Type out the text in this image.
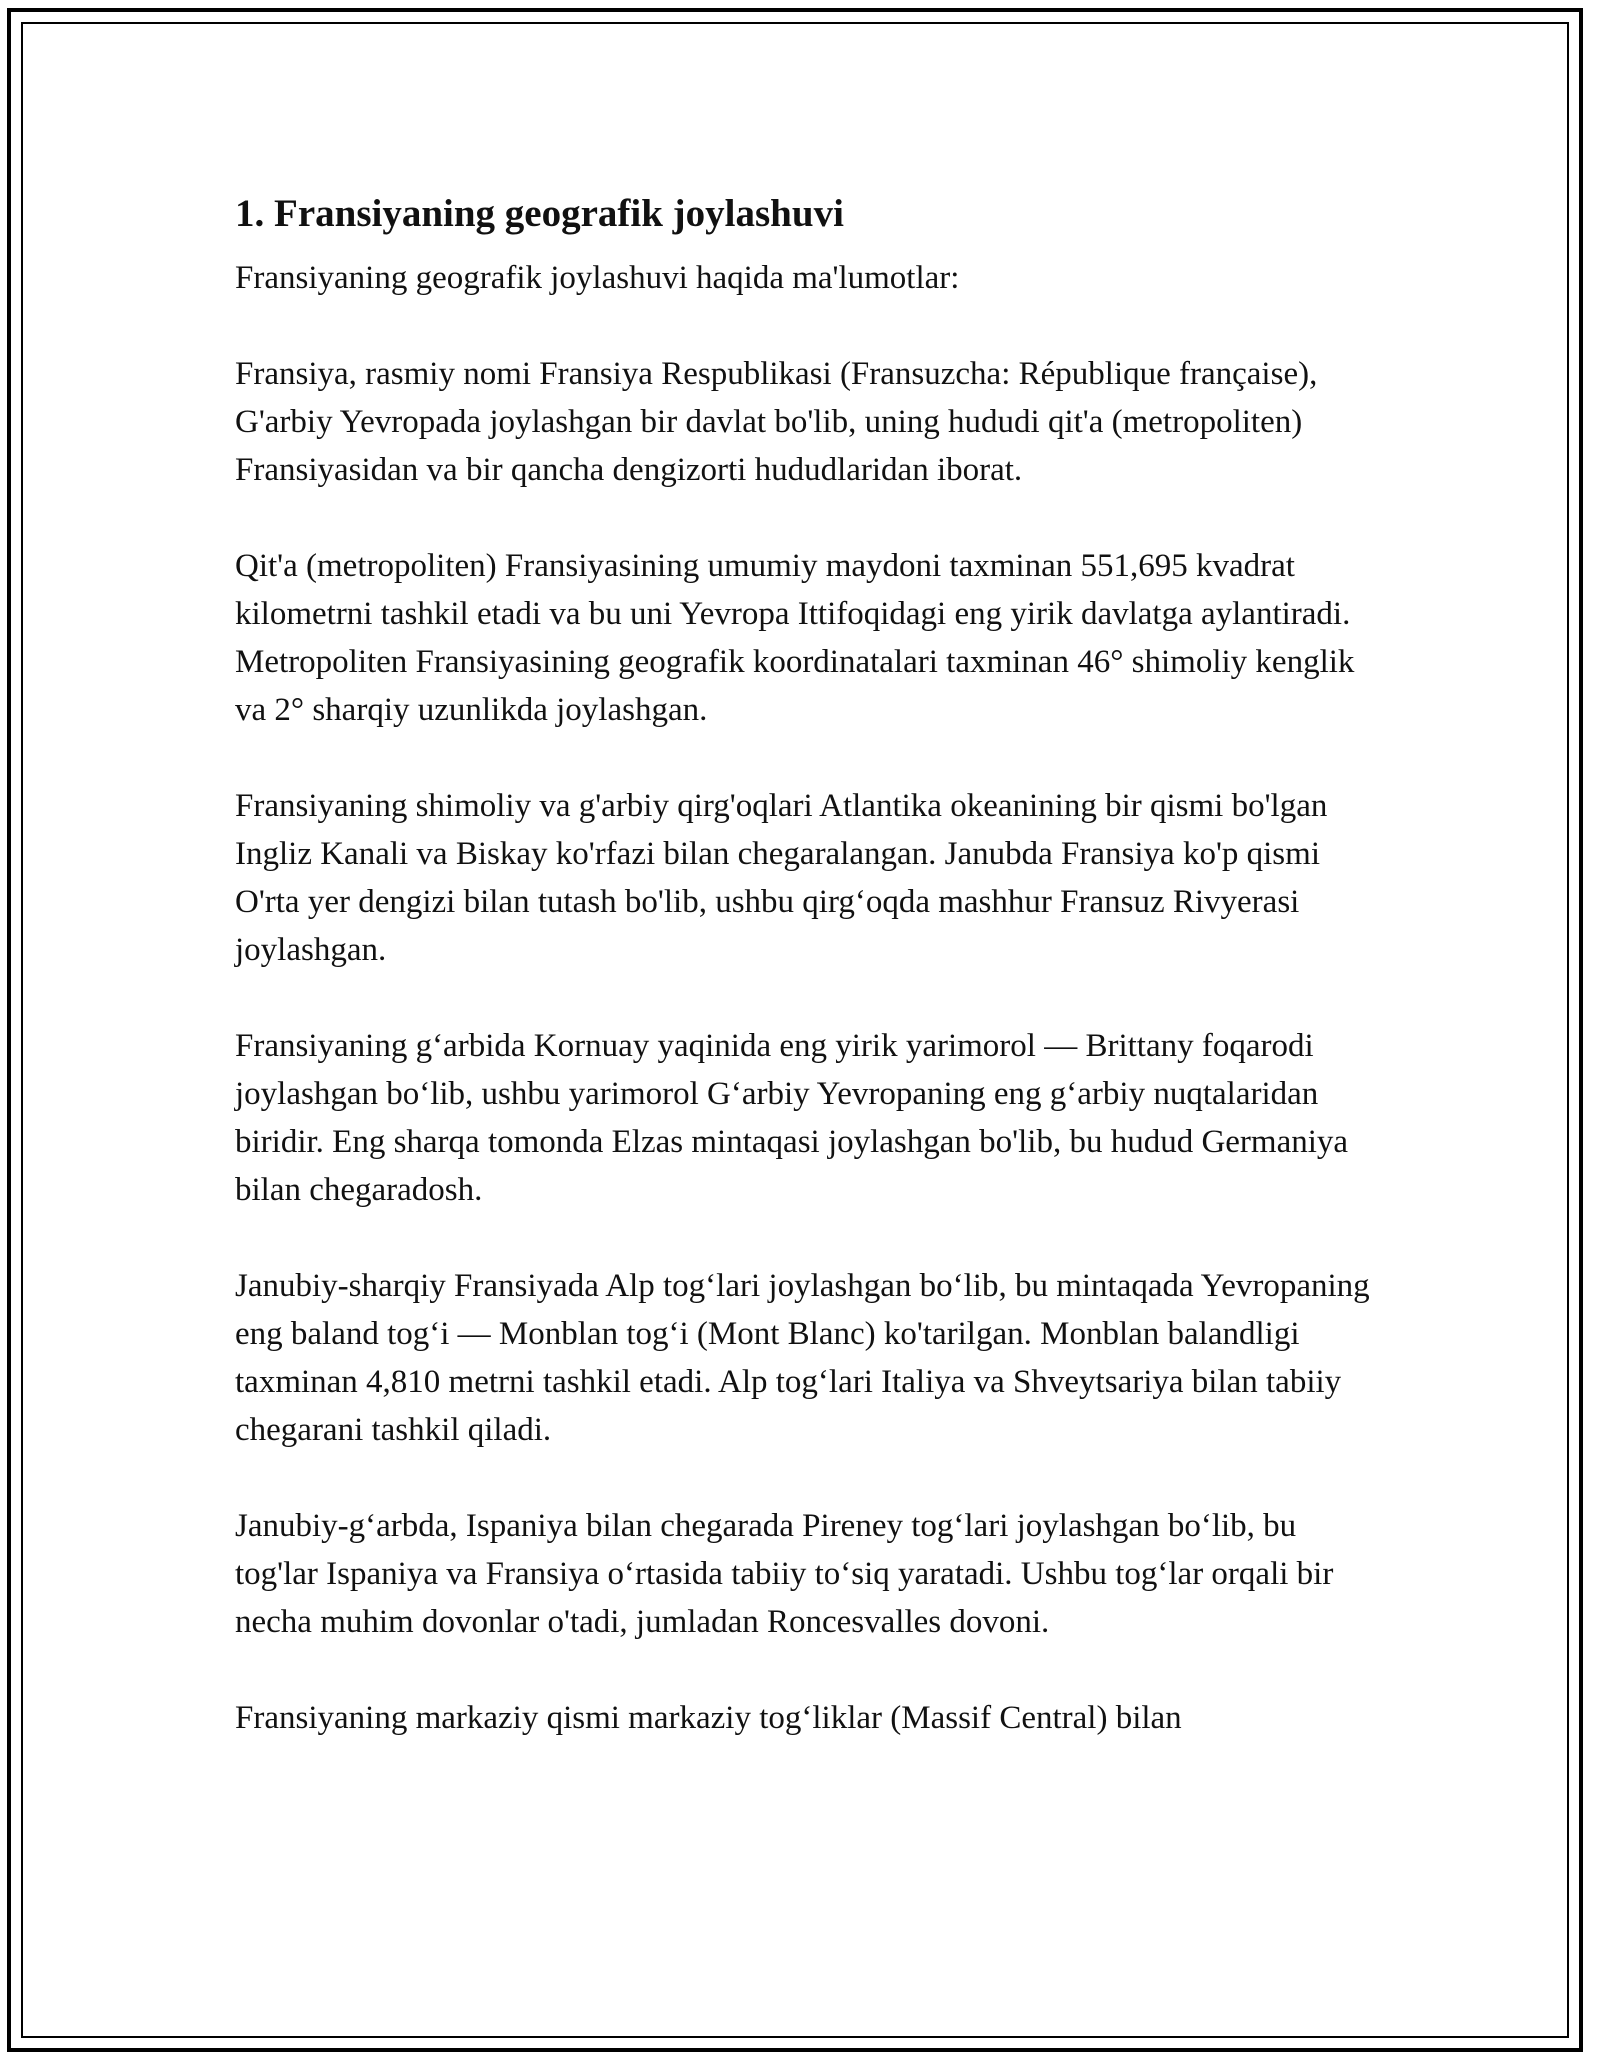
1. Fransiyaning geografik joylashuvi

Fransiyaning geografik joylashuvi haqida ma'lumotlar:

Fransiya, rasmiy nomi Fransiya Respublikasi (Fransuzcha: République française), G'arbiy Yevropada joylashgan bir davlat bo'lib, uning hududi qit'a (metropoliten) Fransiyasidan va bir qancha dengizorti hududlaridan iborat.

Qit'a (metropoliten) Fransiyasining umumiy maydoni taxminan 551,695 kvadrat kilometrni tashkil etadi va bu uni Yevropa Ittifoqidagi eng yirik davlatga aylantiradi. Metropoliten Fransiyasining geografik koordinatalari taxminan 46° shimoliy kenglik va 2° sharqiy uzunlikda joylashgan.

Fransiyaning shimoliy va g'arbiy qirg'oqlari Atlantika okeanining bir qismi bo'lgan Ingliz Kanali va Biskay ko'rfazi bilan chegaralangan. Janubda Fransiya ko'p qismi O'rta yer dengizi bilan tutash bo'lib, ushbu qirg‘oqda mashhur Fransuz Rivyerasi joylashgan.

Fransiyaning g‘arbida Kornuay yaqinida eng yirik yarimorol — Brittany foqarodi joylashgan bo‘lib, ushbu yarimorol G‘arbiy Yevropaning eng g‘arbiy nuqtalaridan biridir. Eng sharqa tomonda Elzas mintaqasi joylashgan bo'lib, bu hudud Germaniya bilan chegaradosh.

Janubiy-sharqiy Fransiyada Alp tog‘lari joylashgan bo‘lib, bu mintaqada Yevropaning eng baland tog‘i — Monblan tog‘i (Mont Blanc) ko'tarilgan. Monblan balandligi taxminan 4,810 metrni tashkil etadi. Alp tog‘lari Italiya va Shveytsariya bilan tabiiy chegarani tashkil qiladi.

Janubiy-g‘arbda, Ispaniya bilan chegarada Pireney tog‘lari joylashgan bo‘lib, bu tog'lar Ispaniya va Fransiya o‘rtasida tabiiy to‘siq yaratadi. Ushbu tog‘lar orqali bir necha muhim dovonlar o'tadi, jumladan Roncesvalles dovoni.

Fransiyaning markaziy qismi markaziy tog‘liklar (Massif Central) bilan
